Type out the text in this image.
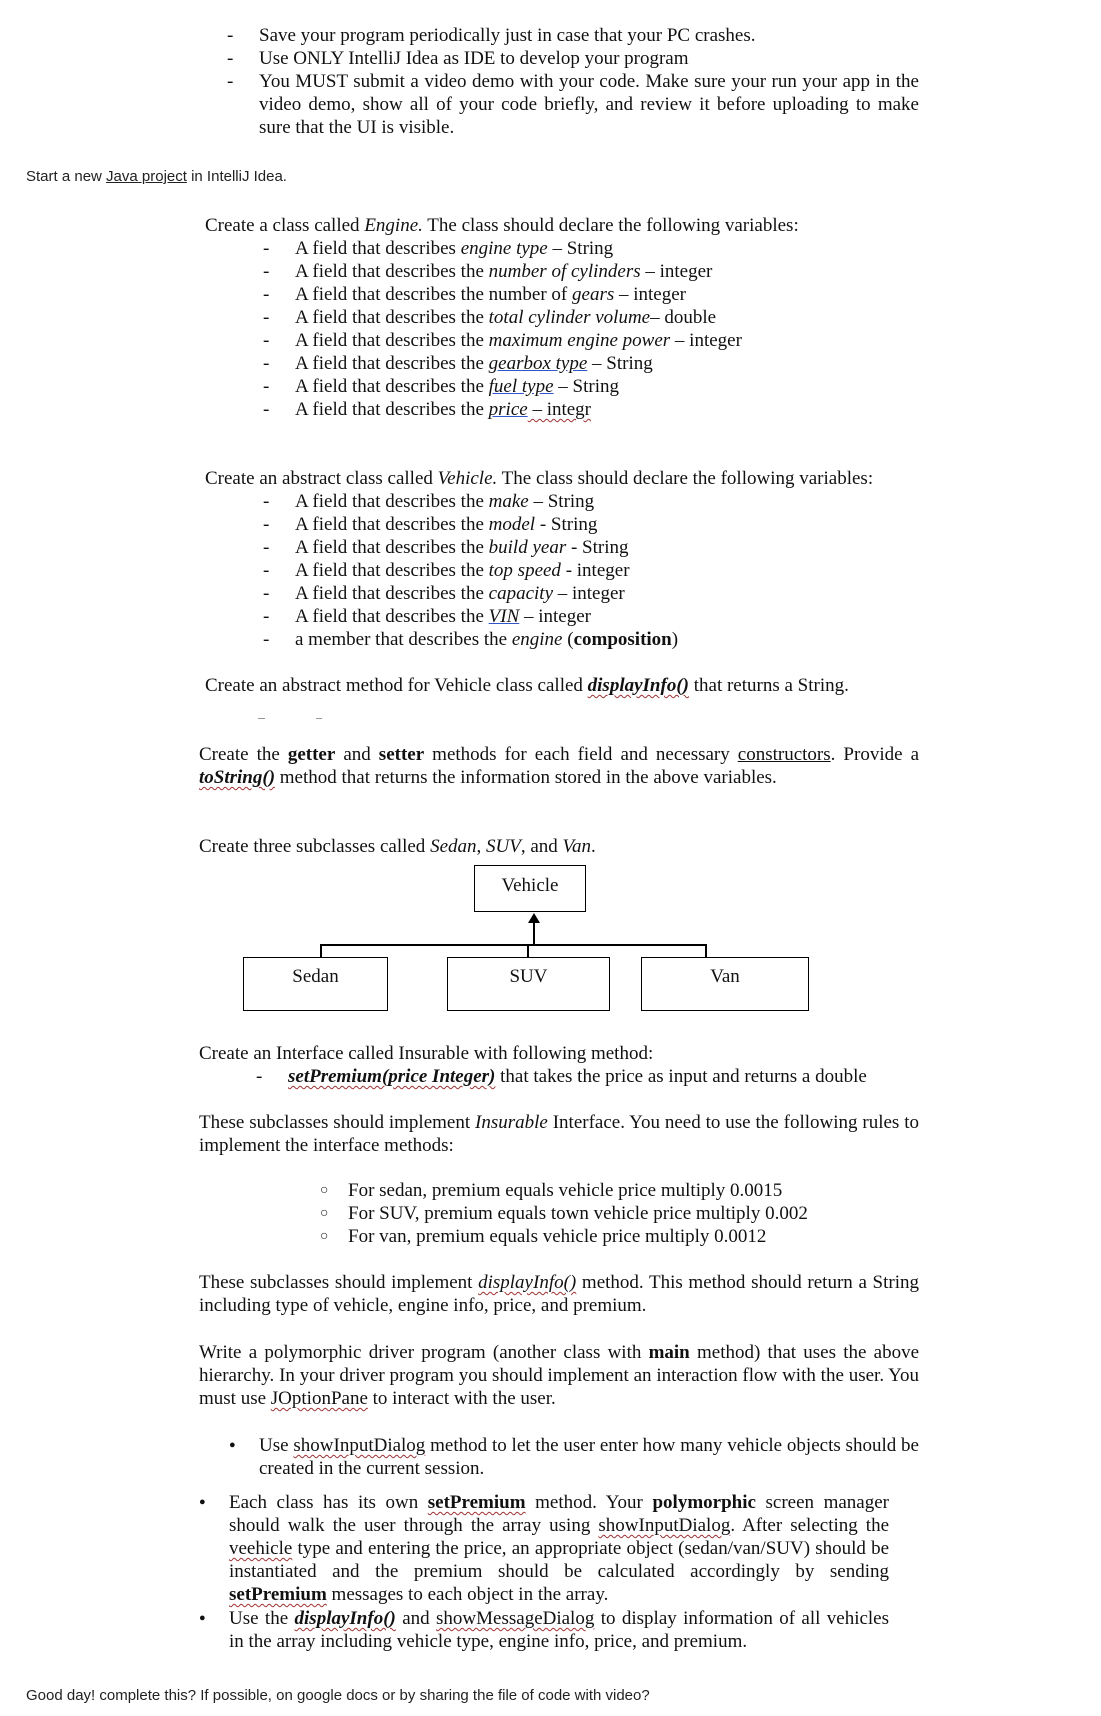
- Save your program periodically just in case that your PC crashes.
- Use ONLY IntelliJ Idea as IDE to develop your program
- You MUST submit a video demo with your code. Make sure your run your app in the video demo, show all of your code briefly, and review it before uploading to make sure that the UI is visible.
Start a new Java project in IntelliJ Idea.
Create a class called Engine. The class should declare the following variables:
- A field that describes engine type – String
- A field that describes the number of cylinders – integer
- A field that describes the number of gears – integer
- A field that describes the total cylinder volume– double
- A field that describes the maximum engine power – integer
- A field that describes the gearbox type – String
- A field that describes the fuel type – String
- A field that describes the price – integr
Create an abstract class called Vehicle. The class should declare the following variables:
- A field that describes the make – String
- A field that describes the model - String
- A field that describes the build year - String
- A field that describes the top speed - integer
- A field that describes the capacity – integer
- A field that describes the VIN – integer
- a member that describes the engine (composition)
Create an abstract method for Vehicle class called displayInfo() that returns a String.
Create the getter and setter methods for each field and necessary constructors. Provide a toString() method that returns the information stored in the above variables.
Create three subclasses called Sedan, SUV, and Van.
Vehicle
Sedan	SUV	Van
Create an Interface called Insurable with following method:
- setPremium(price Integer) that takes the price as input and returns a double
These subclasses should implement Insurable Interface. You need to use the following rules to implement the interface methods:
○ For sedan, premium equals vehicle price multiply 0.0015
○ For SUV, premium equals town vehicle price multiply 0.002
○ For van, premium equals vehicle price multiply 0.0012
These subclasses should implement displayInfo() method. This method should return a String including type of vehicle, engine info, price, and premium.
Write a polymorphic driver program (another class with main method) that uses the above hierarchy. In your driver program you should implement an interaction flow with the user. You must use JOptionPane to interact with the user.
● Use showInputDialog method to let the user enter how many vehicle objects should be created in the current session.
● Each class has its own setPremium method. Your polymorphic screen manager should walk the user through the array using showInputDialog. After selecting the veehicle type and entering the price, an appropriate object (sedan/van/SUV) should be instantiated and the premium should be calculated accordingly by sending setPremium messages to each object in the array.
● Use the displayInfo() and showMessageDialog to display information of all vehicles in the array including vehicle type, engine info, price, and premium.
Good day! complete this? If possible, on google docs or by sharing the file of code with video?
